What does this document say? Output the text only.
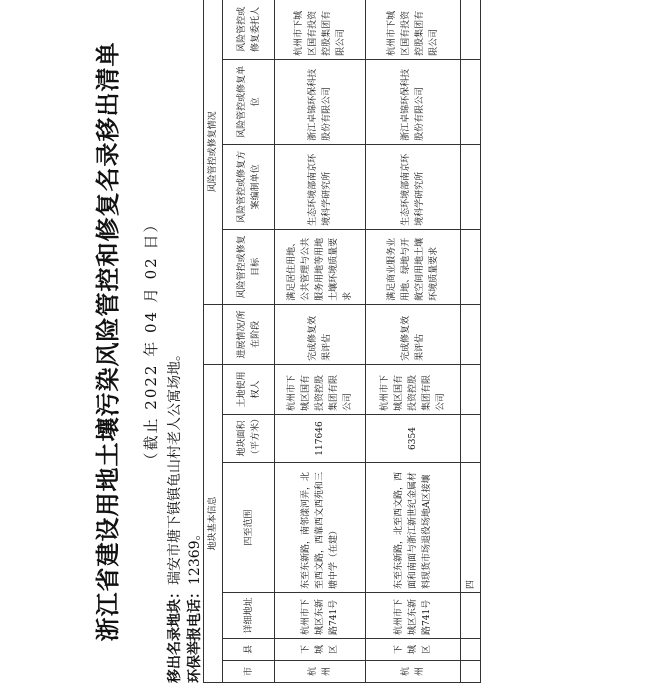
浙江省建设用地土壤污染风险管控和修复名录移出清单 （截止 2022 年 04 月 02 日）
移出名录地块：瑞安市塘下镇镇龟山村老人公寓场地。
环保举报电话：12369。
地块基本信息							风险管控或修复情况			
市	县	详细地址	四至范围	地块面积（平方米）	土地使用权人	进展情况/所在阶段	风险管控或修复目标	风险管控或修复方案编制单位	风险管控或修复单位	风险管控或修复委托人
杭州	下城区	杭州市下城区东新路741号	东至东新路，南邻漾河弄，北至西文路，西靠西文西苑和三塘中学（在建）	117646	杭州市下城区国有投资控股集团有限公司	完成修复效果评估	满足居住用地、公共管理与公共服务用地等用地土壤环境质量要求	生态环境部南京环境科学研究所	浙江卓锦环保科技股份有限公司	杭州市下城区国有投资控股集团有限公司
杭州	下城区	杭州市下城区东新路741号	东至东新路，北至西文路，西面和南面与浙江新世纪金属材料现货市场退役场地A区接壤	6354	杭州市下城区国有投资控股集团有限公司	完成修复效果评估	满足商业服务业用地、绿地与开敞空间用地土壤环境质量要求	生态环境部南京环境科学研究所	浙江卓锦环保科技股份有限公司	杭州市下城区国有投资控股集团有限公司
			四							
